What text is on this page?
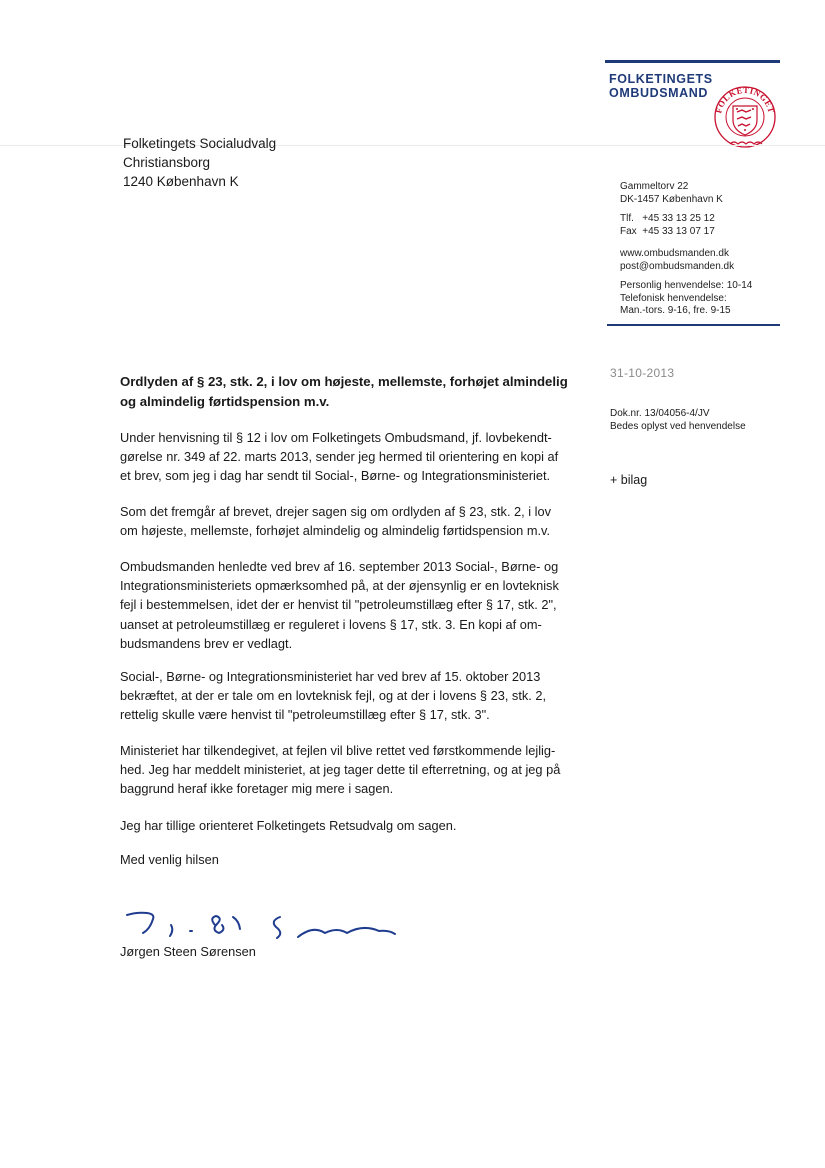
FOLKETINGETS
OMBUDSMAND
FOLKETINGET
Folketingets Socialudvalg
Christiansborg
1240 København K	Gammeltorv 22
DK-1457 København K
Tlf.   +45 33 13 25 12
Fax  +45 33 13 07 17
www.ombudsmanden.dk
post@ombudsmanden.dk
Personlig henvendelse: 10-14
Telefonisk henvendelse:
Man.-tors. 9-16, fre. 9-15
31-10-2013
Dok.nr. 13/04056-4/JV
Bedes oplyst ved henvendelse
+ bilag
Ordlyden af § 23, stk. 2, i lov om højeste, mellemste, forhøjet almindelig
og almindelig førtidspension m.v.
Under henvisning til § 12 i lov om Folketingets Ombudsmand, jf. lovbekendt-
gørelse nr. 349 af 22. marts 2013, sender jeg hermed til orientering en kopi af
et brev, som jeg i dag har sendt til Social-, Børne- og Integrationsministeriet.
Som det fremgår af brevet, drejer sagen sig om ordlyden af § 23, stk. 2, i lov
om højeste, mellemste, forhøjet almindelig og almindelig førtidspension m.v.
Ombudsmanden henledte ved brev af 16. september 2013 Social-, Børne- og
Integrationsministeriets opmærksomhed på, at der øjensynlig er en lovteknisk
fejl i bestemmelsen, idet der er henvist til "petroleumstillæg efter § 17, stk. 2",
uanset at petroleumstillæg er reguleret i lovens § 17, stk. 3. En kopi af om-
budsmandens brev er vedlagt.
Social-, Børne- og Integrationsministeriet har ved brev af 15. oktober 2013
bekræftet, at der er tale om en lovteknisk fejl, og at der i lovens § 23, stk. 2,
rettelig skulle være henvist til "petroleumstillæg efter § 17, stk. 3".
Ministeriet har tilkendegivet, at fejlen vil blive rettet ved førstkommende lejlig-
hed. Jeg har meddelt ministeriet, at jeg tager dette til efterretning, og at jeg på
baggrund heraf ikke foretager mig mere i sagen.
Jeg har tillige orienteret Folketingets Retsudvalg om sagen.
Med venlig hilsen
Jørgen Steen Sørensen
